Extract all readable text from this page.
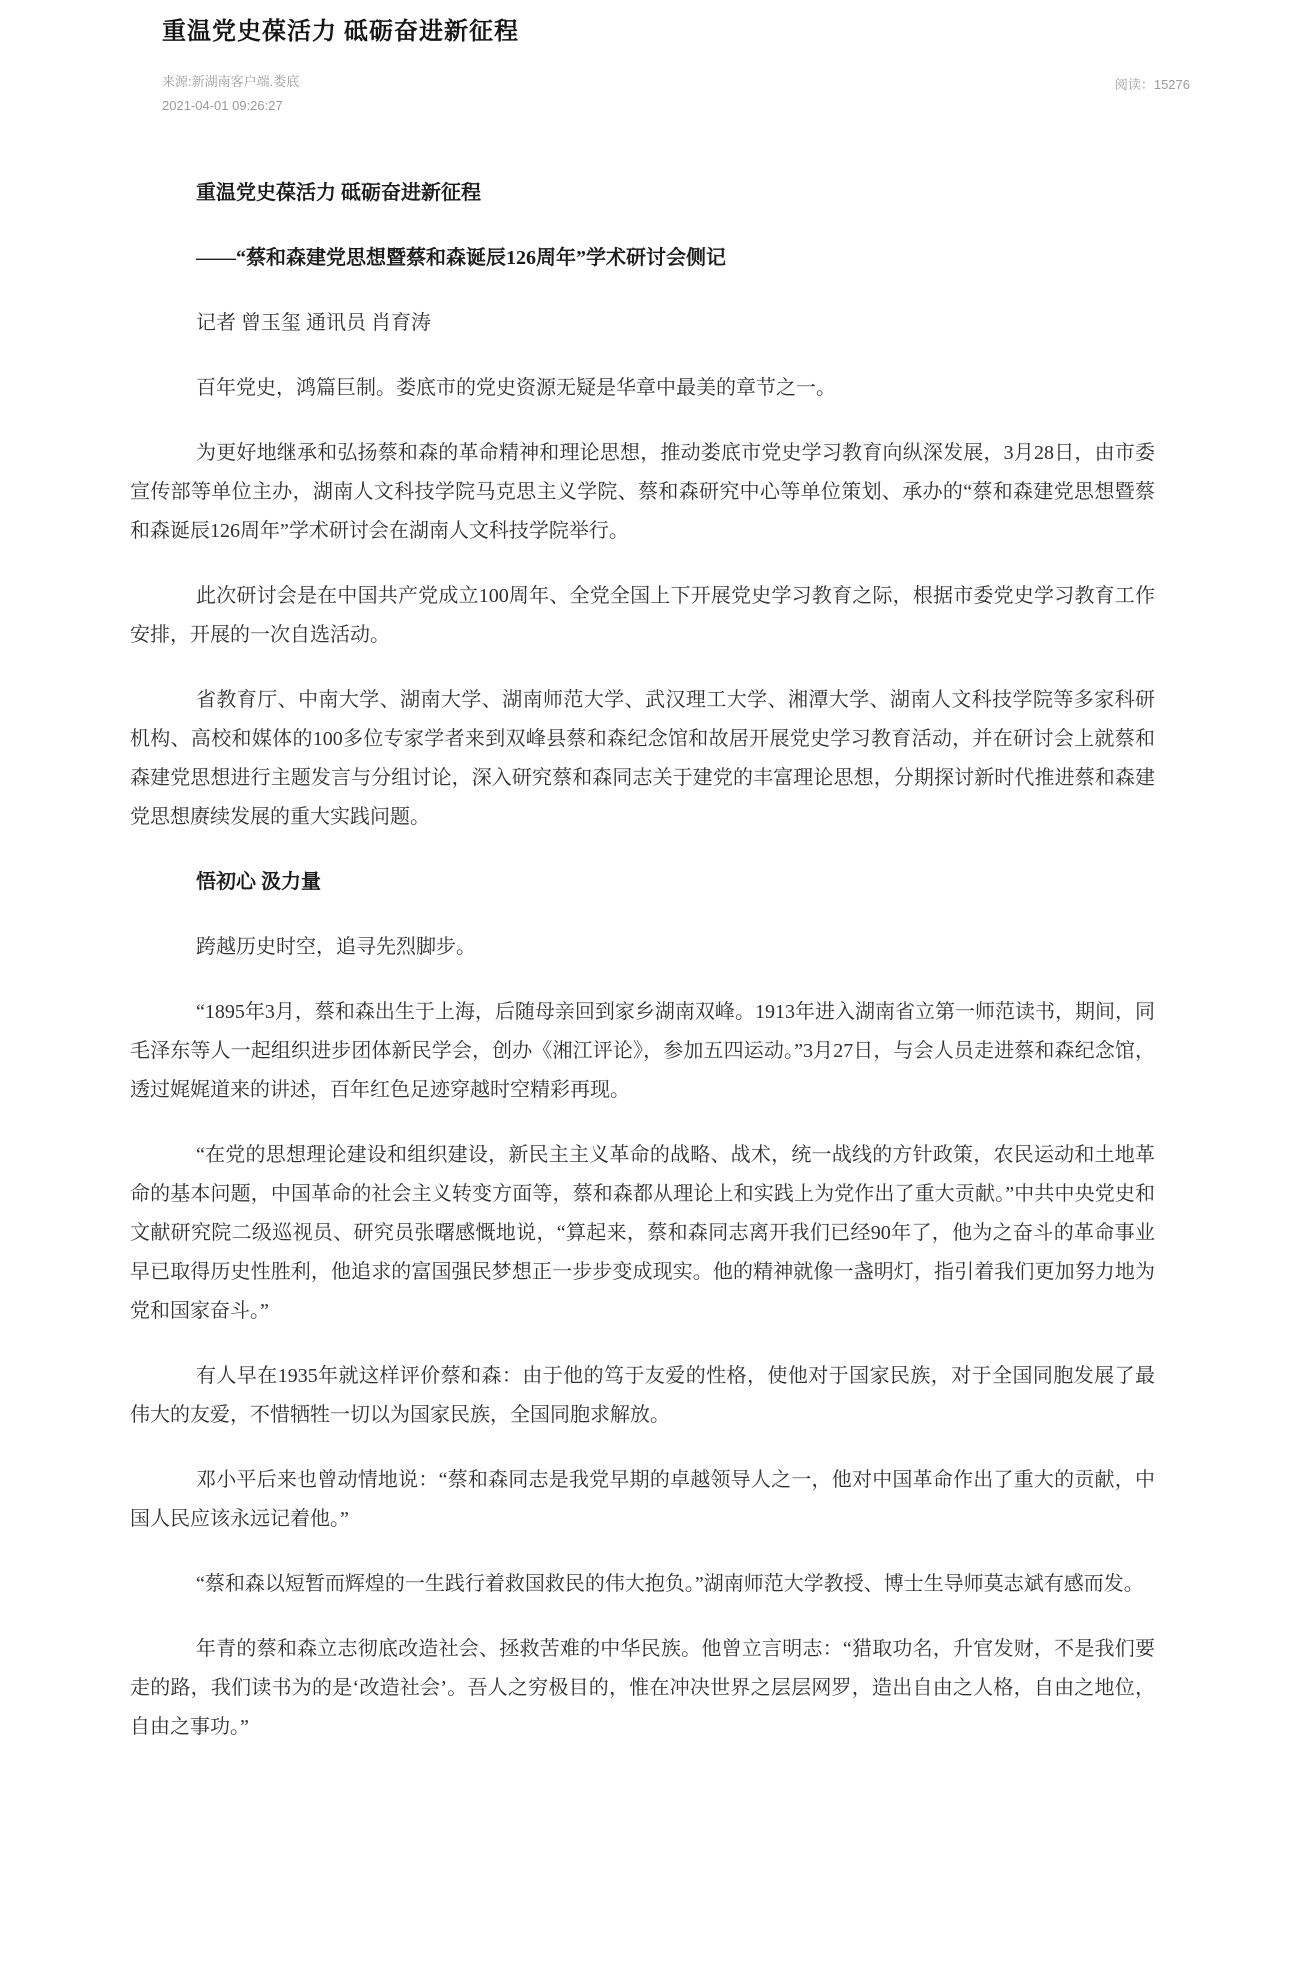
重温党史葆活力 砥砺奋进新征程
来源:新湖南客户端.娄底
2021-04-01 09:26:27
阅读：15276

重温党史葆活力 砥砺奋进新征程

——“蔡和森建党思想暨蔡和森诞辰126周年”学术研讨会侧记

记者 曾玉玺 通讯员 肖育涛

百年党史，鸿篇巨制。娄底市的党史资源无疑是华章中最美的章节之一。

为更好地继承和弘扬蔡和森的革命精神和理论思想，推动娄底市党史学习教育向纵深发展，3月28日，由市委宣传部等单位主办，湖南人文科技学院马克思主义学院、蔡和森研究中心等单位策划、承办的“蔡和森建党思想暨蔡和森诞辰126周年”学术研讨会在湖南人文科技学院举行。

此次研讨会是在中国共产党成立100周年、全党全国上下开展党史学习教育之际，根据市委党史学习教育工作安排，开展的一次自选活动。

省教育厅、中南大学、湖南大学、湖南师范大学、武汉理工大学、湘潭大学、湖南人文科技学院等多家科研机构、高校和媒体的100多位专家学者来到双峰县蔡和森纪念馆和故居开展党史学习教育活动，并在研讨会上就蔡和森建党思想进行主题发言与分组讨论，深入研究蔡和森同志关于建党的丰富理论思想，分期探讨新时代推进蔡和森建党思想赓续发展的重大实践问题。

悟初心 汲力量

跨越历史时空，追寻先烈脚步。

“1895年3月，蔡和森出生于上海，后随母亲回到家乡湖南双峰。1913年进入湖南省立第一师范读书，期间，同毛泽东等人一起组织进步团体新民学会，创办《湘江评论》，参加五四运动。”3月27日，与会人员走进蔡和森纪念馆，透过娓娓道来的讲述，百年红色足迹穿越时空精彩再现。

“在党的思想理论建设和组织建设，新民主主义革命的战略、战术，统一战线的方针政策，农民运动和土地革命的基本问题，中国革命的社会主义转变方面等，蔡和森都从理论上和实践上为党作出了重大贡献。”中共中央党史和文献研究院二级巡视员、研究员张曙感慨地说，“算起来，蔡和森同志离开我们已经90年了，他为之奋斗的革命事业早已取得历史性胜利，他追求的富国强民梦想正一步步变成现实。他的精神就像一盏明灯，指引着我们更加努力地为党和国家奋斗。”

有人早在1935年就这样评价蔡和森：由于他的笃于友爱的性格，使他对于国家民族，对于全国同胞发展了最伟大的友爱，不惜牺牲一切以为国家民族，全国同胞求解放。

邓小平后来也曾动情地说：“蔡和森同志是我党早期的卓越领导人之一，他对中国革命作出了重大的贡献，中国人民应该永远记着他。”

“蔡和森以短暂而辉煌的一生践行着救国救民的伟大抱负。”湖南师范大学教授、博士生导师莫志斌有感而发。

年青的蔡和森立志彻底改造社会、拯救苦难的中华民族。他曾立言明志：“猎取功名，升官发财，不是我们要走的路，我们读书为的是‘改造社会’。吾人之穷极目的，惟在冲决世界之层层网罗，造出自由之人格，自由之地位，自由之事功。”
